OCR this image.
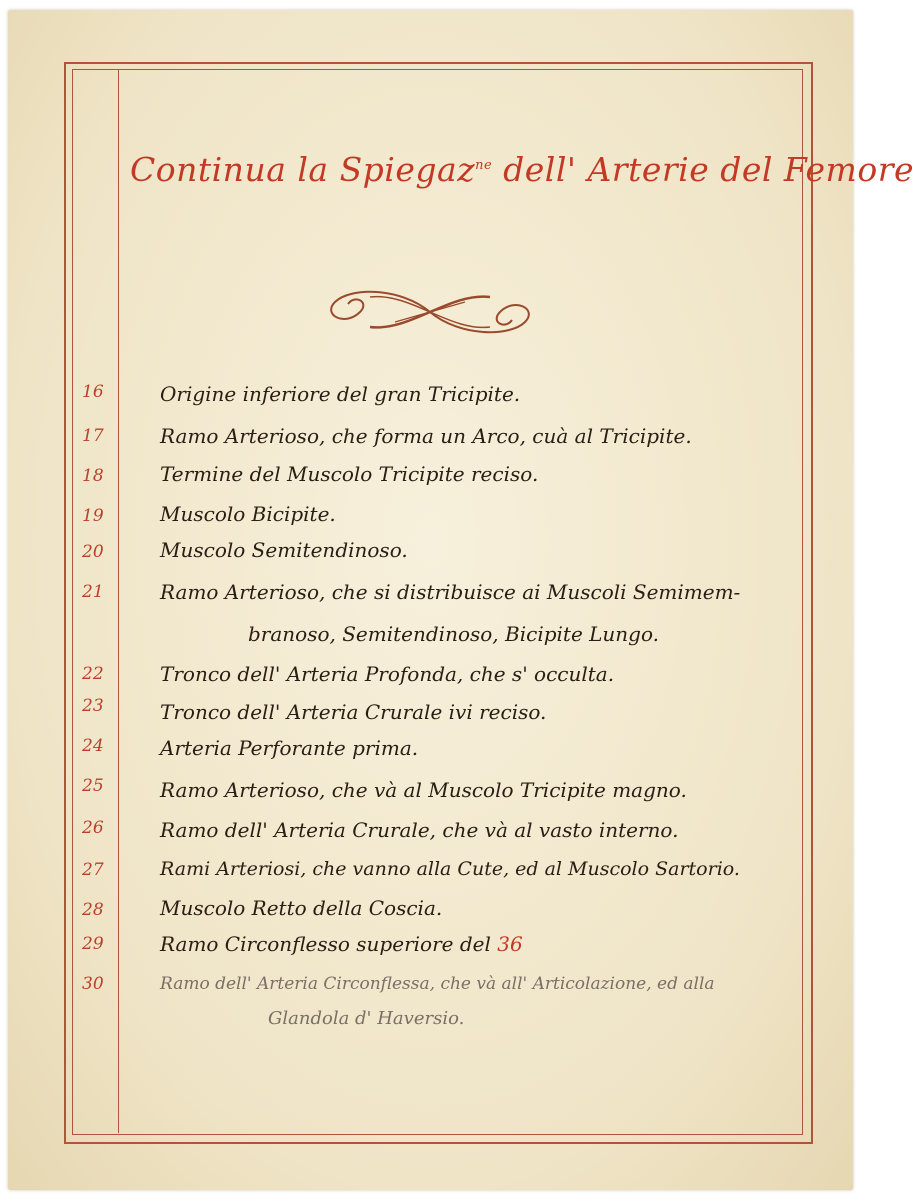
Continua la Spiegaz$^{ne}$ dell' Arterie del Femore
16	Origine inferiore del gran Tricipite.
17	Ramo Arterioso, che forma un Arco, cuà al Tricipite.
18	Termine del Muscolo Tricipite reciso.
19	Muscolo Bicipite.
20	Muscolo Semitendinoso.
21	Ramo Arterioso, che si distribuisce ai Muscoli Semimem-
branoso, Semitendinoso, Bicipite Lungo.
22	Tronco dell' Arteria Profonda, che s' occulta.
23	Tronco dell' Arteria Crurale ivi reciso.
24	Arteria Perforante prima.
25	Ramo Arterioso, che và al Muscolo Tricipite magno.
26	Ramo dell' Arteria Crurale, che và al vasto interno.
27	Rami Arteriosi, che vanno alla Cute, ed al Muscolo Sartorio.
28	Muscolo Retto della Coscia.
29	Ramo Circonflesso superiore del 36
30	Ramo dell' Arteria Circonflessa, che và all' Articolazione, ed alla
Glandola d' Haversio.
